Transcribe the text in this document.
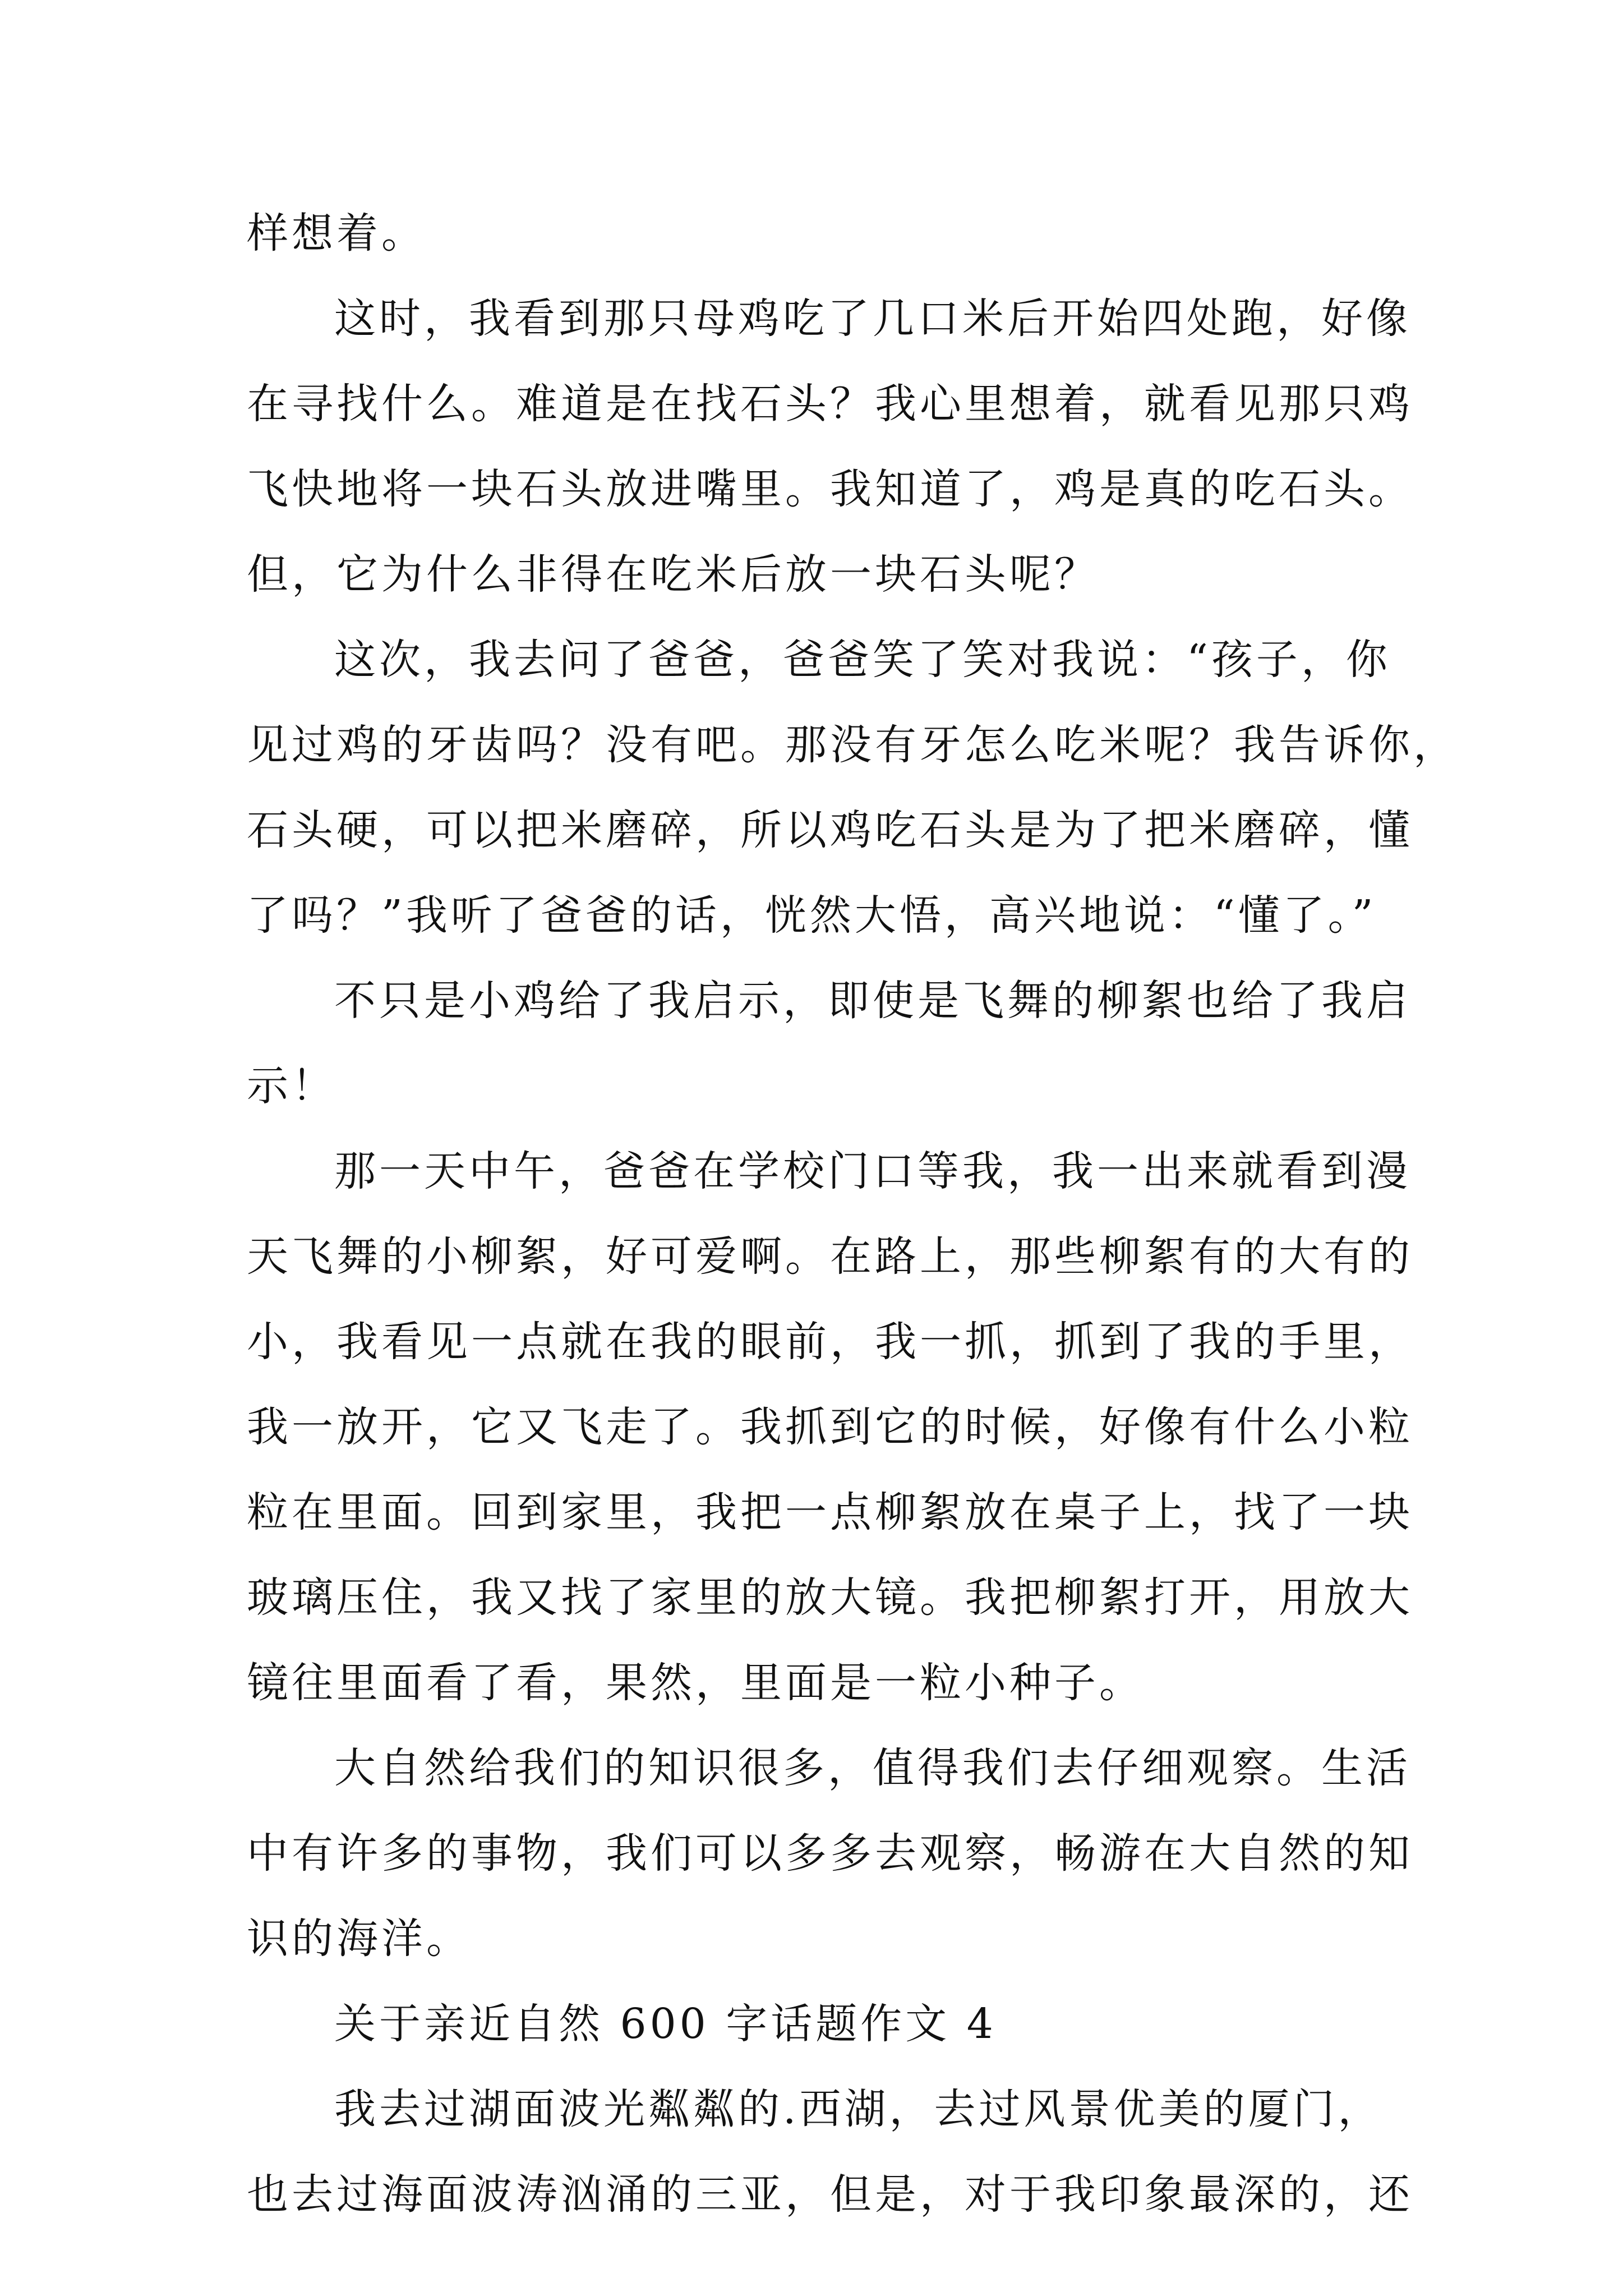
样想着。
这时，我看到那只母鸡吃了几口米后开始四处跑，好像
在寻找什么。难道是在找石头？我心里想着，就看见那只鸡
飞快地将一块石头放进嘴里。我知道了，鸡是真的吃石头。
但，它为什么非得在吃米后放一块石头呢？
这次，我去问了爸爸，爸爸笑了笑对我说：“孩子，你
见过鸡的牙齿吗？没有吧。那没有牙怎么吃米呢？我告诉你，
石头硬，可以把米磨碎，所以鸡吃石头是为了把米磨碎，懂
了吗？”我听了爸爸的话，恍然大悟，高兴地说：“懂了。”
不只是小鸡给了我启示，即使是飞舞的柳絮也给了我启
示！
那一天中午，爸爸在学校门口等我，我一出来就看到漫
天飞舞的小柳絮，好可爱啊。在路上，那些柳絮有的大有的
小，我看见一点就在我的眼前，我一抓，抓到了我的手里，
我一放开，它又飞走了。我抓到它的时候，好像有什么小粒
粒在里面。回到家里，我把一点柳絮放在桌子上，找了一块
玻璃压住，我又找了家里的放大镜。我把柳絮打开，用放大
镜往里面看了看，果然，里面是一粒小种子。
大自然给我们的知识很多，值得我们去仔细观察。生活
中有许多的事物，我们可以多多去观察，畅游在大自然的知
识的海洋。
关于亲近自然 600 字话题作文 4
我去过湖面波光粼粼的.西湖，去过风景优美的厦门，
也去过海面波涛汹涌的三亚，但是，对于我印象最深的，还
